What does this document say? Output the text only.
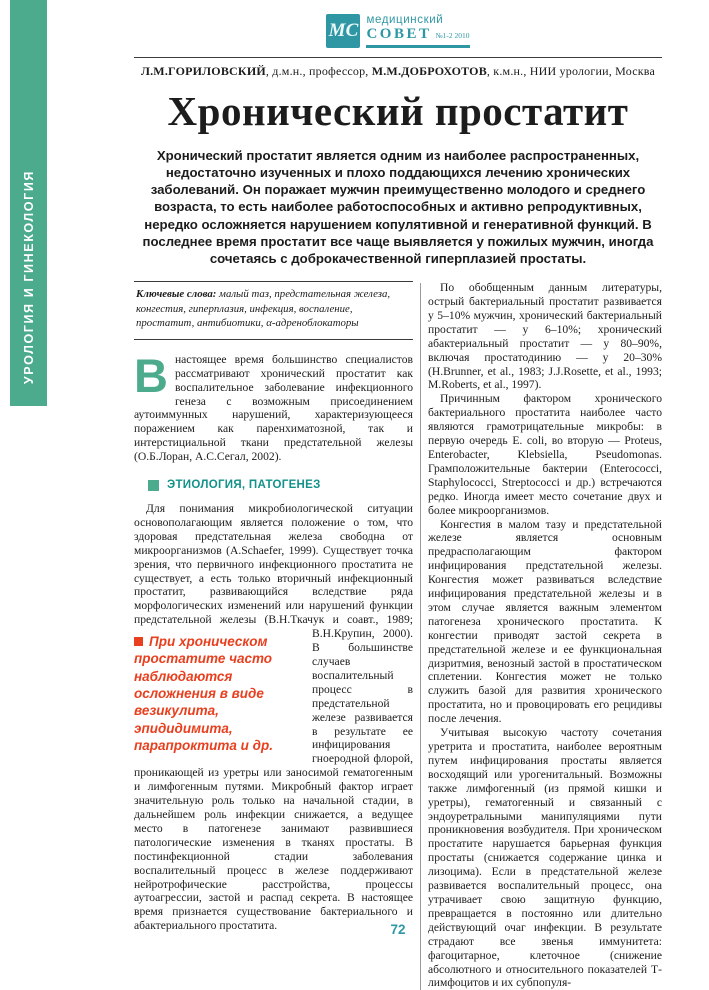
УРОЛОГИЯ И ГИНЕКОЛОГИЯ
МС медицинский
СОВЕТ №1-2 2010
Л.М.ГОРИЛОВСКИЙ, д.м.н., профессор, М.М.ДОБРОХОТОВ, к.м.н., НИИ урологии, Москва
Хронический простатит
Хронический простатит является одним из наиболее распространенных, недостаточно изученных и плохо поддающихся лечению хронических заболеваний. Он поражает мужчин преимущественно молодого и среднего возраста, то есть наиболее работоспособных и активно репродуктивных, нередко осложняется нарушением копулятивной и генеративной функций. В последнее время простатит все чаще выявляется у пожилых мужчин, иногда сочетаясь с доброкачественной гиперплазией простаты.
Ключевые слова: малый таз, предстательная железа, конгестия, гиперплазия, инфекция, воспаление, простатит, антибиотики, α-адреноблокаторы
Внастоящее время большинство специалистов рассматривают хронический простатит как воспалительное заболевание инфекционного генеза с возможным присоединением аутоиммунных нарушений, характеризующееся поражением как паренхиматозной, так и интерстициальной ткани предстательной железы (О.Б.Лоран, А.С.Сегал, 2002).
ЭТИОЛОГИЯ, ПАТОГЕНЕЗ
Для понимания микробиологической ситуации основополагающим является положение о том, что здоровая предстательная железа свободна от микроорганизмов (A.Schaefer, 1999). Существует точка зрения, что первичного инфекционного простатита не существует, а есть только вторичный инфекционный простатит, развивающийся вследствие ряда морфологических изменений или нарушений функции предстательной железы
При хроническом простатите часто наблюдаются осложнения в виде везикулита, эпидидимита, парапроктита и др.
(В.Н.Ткачук и соавт., 1989; В.Н.Крупин, 2000). В большинстве случаев воспалительный процесс в предстательной железе развивается в результате ее инфицирования гноеродной флорой, проникающей из уретры или заносимой гематогенным и лимфогенным путями. Микробный фактор играет значительную роль только на начальной стадии, в дальнейшем роль инфекции снижается, а ведущее место в патогенезе занимают развившиеся патологические изменения в тканях простаты. В постинфекционной стадии заболевания воспалительный процесс в железе поддерживают нейротрофические расстройства, процессы аутоагрессии, застой и распад секрета. В настоящее время признается существование бактериального и абактериального простатита.
По обобщенным данным литературы, острый бактериальный простатит развивается у 5–10% мужчин, хронический бактериальный простатит — у 6–10%; хронический абактериальный простатит — у 80–90%, включая простатодинию — у 20–30% (H.Brunner, et al., 1983; J.J.Rosette, et al., 1993; M.Roberts, et al., 1997).
Причинным фактором хронического бактериального простатита наиболее часто являются грамотрицательные микробы: в первую очередь E. coli, во вторую — Proteus, Enterobacter, Klebsiella, Pseudomonas. Грамположительные бактерии (Enterococci, Staphylococci, Streptococci и др.) встречаются редко. Иногда имеет место сочетание двух и более микроорганизмов.
Конгестия в малом тазу и предстательной железе является основным предрасполагающим фактором инфицирования предстательной железы. Конгестия может развиваться вследствие инфицирования предстательной железы и в этом случае является важным элементом патогенеза хронического простатита. К конгестии приводят застой секрета в предстательной железе и ее функциональная дизритмия, венозный застой в простатическом сплетении. Конгестия может не только служить базой для развития хронического простатита, но и провоцировать его рецидивы после лечения.
Учитывая высокую частоту сочетания уретрита и простатита, наиболее вероятным путем инфицирования простаты является восходящий или урогенитальный. Возможны также лимфогенный (из прямой кишки и уретры), гематогенный и связанный с эндоуретральными манипуляциями пути проникновения возбудителя. При хроническом простатите нарушается барьерная функция простаты (снижается содержание цинка и лизоцима). Если в предстательной железе развивается воспалительный процесс, она утрачивает свою защитную функцию, превращается в постоянно или длительно действующий очаг инфекции. В результате страдают все звенья иммунитета: фагоцитарное, клеточное (снижение абсолютного и относительного показателей Т-лимфоцитов и их субпопуля-
72
